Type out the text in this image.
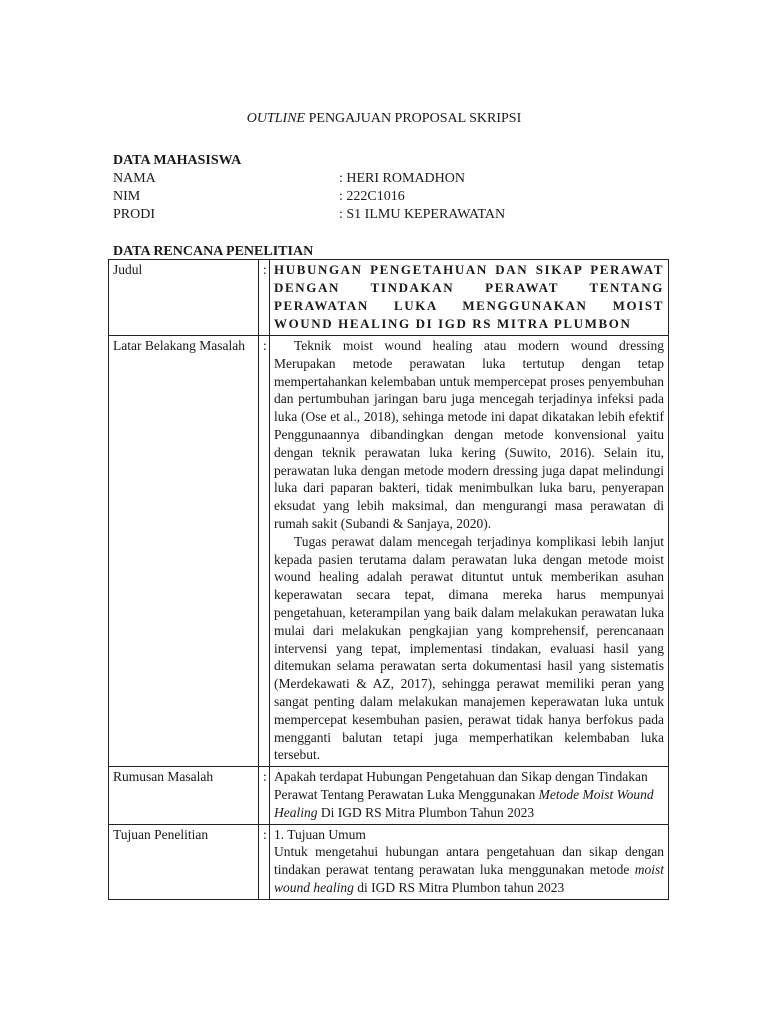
OUTLINE PENGAJUAN PROPOSAL SKRIPSI
DATA MAHASISWA
NAMA	: HERI ROMADHON
NIM	: 222C1016
PRODI	: S1 ILMU KEPERAWATAN
DATA RENCANA PENELITIAN
Judul	:	HUBUNGAN PENGETAHUAN DAN SIKAP PERAWAT DENGAN TINDAKAN PERAWAT TENTANG PERAWATAN LUKA MENGGUNAKAN MOIST WOUND HEALING DI IGD RS MITRA PLUMBON

Latar Belakang Masalah	:	Teknik moist wound healing atau modern wound dressing Merupakan metode perawatan luka tertutup dengan tetap mempertahankan kelembaban untuk mempercepat proses penyembuhan dan pertumbuhan jaringan baru juga mencegah terjadinya infeksi pada luka (Ose et al., 2018), sehinga metode ini dapat dikatakan lebih efektif Penggunaannya dibandingkan dengan metode konvensional yaitu dengan teknik perawatan luka kering (Suwito, 2016). Selain itu, perawatan luka dengan metode modern dressing juga dapat melindungi luka dari paparan bakteri, tidak menimbulkan luka baru, penyerapan eksudat yang lebih maksimal, dan mengurangi masa perawatan di rumah sakit (Subandi & Sanjaya, 2020).

Tugas perawat dalam mencegah terjadinya komplikasi lebih lanjut kepada pasien terutama dalam perawatan luka dengan metode moist wound healing adalah perawat dituntut untuk memberikan asuhan keperawatan secara tepat, dimana mereka harus mempunyai pengetahuan, keterampilan yang baik dalam melakukan perawatan luka mulai dari melakukan pengkajian yang komprehensif, perencanaan intervensi yang tepat, implementasi tindakan, evaluasi hasil yang ditemukan selama perawatan serta dokumentasi hasil yang sistematis (Merdekawati & AZ, 2017), sehingga perawat memiliki peran yang sangat penting dalam melakukan manajemen keperawatan luka untuk mempercepat kesembuhan pasien, perawat tidak hanya berfokus pada mengganti balutan tetapi juga memperhatikan kelembaban luka tersebut.

Rumusan Masalah	:	Apakah terdapat Hubungan Pengetahuan dan Sikap dengan Tindakan Perawat Tentang Perawatan Luka Menggunakan Metode Moist Wound Healing Di IGD RS Mitra Plumbon Tahun 2023

Tujuan Penelitian	:	1. Tujuan Umum

Untuk mengetahui hubungan antara pengetahuan dan sikap dengan tindakan perawat tentang perawatan luka menggunakan metode moist wound healing di IGD RS Mitra Plumbon tahun 2023
